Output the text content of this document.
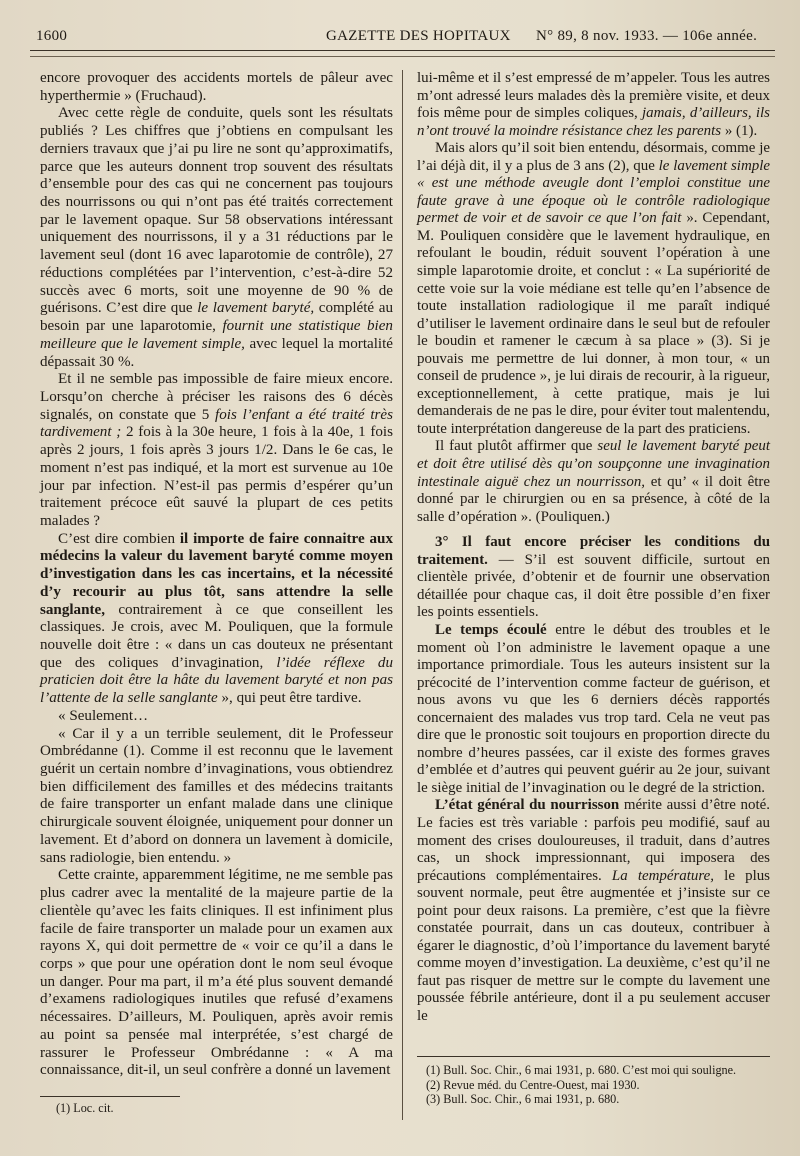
1600	GAZETTE DES HOPITAUX N° 89, 8 nov. 1933. — 106e année.

encore provoquer des accidents mortels de pâleur avec hyperthermie » (Fruchaud).

Avec cette règle de conduite, quels sont les résultats publiés ? Les chiffres que j’obtiens en compulsant les derniers travaux que j’ai pu lire ne sont qu’approximatifs, parce que les auteurs donnent trop souvent des résultats d’ensemble pour des cas qui ne concernent pas toujours des nourrissons ou qui n’ont pas été traités correctement par le lavement opaque. Sur 58 observations intéressant uniquement des nourrissons, il y a 31 réductions par le lavement seul (dont 16 avec laparotomie de contrôle), 27 réductions complétées par l’intervention, c’est-à-dire 52 succès avec 6 morts, soit une moyenne de 90 % de guérisons. C’est dire que le lavement baryté, complété au besoin par une laparotomie, fournit une statistique bien meilleure que le lavement simple, avec lequel la mortalité dépassait 30 %.

Et il ne semble pas impossible de faire mieux encore. Lorsqu’on cherche à préciser les raisons des 6 décès signalés, on constate que 5 fois l’enfant a été traité très tardivement ; 2 fois à la 30e heure, 1 fois à la 40e, 1 fois après 2 jours, 1 fois après 3 jours 1/2. Dans le 6e cas, le moment n’est pas indiqué, et la mort est survenue au 10e jour par infection. N’est-il pas permis d’espérer qu’un traitement précoce eût sauvé la plupart de ces petits malades ?

C’est dire combien il importe de faire connaitre aux médecins la valeur du lavement baryté comme moyen d’investigation dans les cas incertains, et la nécessité d’y recourir au plus tôt, sans attendre la selle sanglante, contrairement à ce que conseillent les classiques. Je crois, avec M. Pouliquen, que la formule nouvelle doit être : « dans un cas douteux ne présentant que des coliques d’invagination, l’idée réflexe du praticien doit être la hâte du lavement baryté et non pas l’attente de la selle sanglante », qui peut être tardive.

« Seulement…

« Car il y a un terrible seulement, dit le Professeur Ombrédanne (1). Comme il est reconnu que le lavement guérit un certain nombre d’invaginations, vous obtiendrez bien difficilement des familles et des médecins traitants de faire transporter un enfant malade dans une clinique chirurgicale souvent éloignée, uniquement pour donner un lavement. Et d’abord on donnera un lavement à domicile, sans radiologie, bien entendu. »

Cette crainte, apparemment légitime, ne me semble pas plus cadrer avec la mentalité de la majeure partie de la clientèle qu’avec les faits cliniques. Il est infiniment plus facile de faire transporter un malade pour un examen aux rayons X, qui doit permettre de « voir ce qu’il a dans le corps » que pour une opération dont le nom seul évoque un danger. Pour ma part, il m’a été plus souvent demandé d’examens radiologiques inutiles que refusé d’examens nécessaires. D’ailleurs, M. Pouliquen, après avoir remis au point sa pensée mal interprétée, s’est chargé de rassurer le Professeur Ombrédanne : « A ma connaissance, dit-il, un seul confrère a donné un lavement

lui-même et il s’est empressé de m’appeler. Tous les autres m’ont adressé leurs malades dès la première visite, et deux fois même pour de simples coliques, jamais, d’ailleurs, ils n’ont trouvé la moindre résistance chez les parents » (1).

Mais alors qu’il soit bien entendu, désormais, comme je l’ai déjà dit, il y a plus de 3 ans (2), que le lavement simple « est une méthode aveugle dont l’emploi constitue une faute grave à une époque où le contrôle radiologique permet de voir et de savoir ce que l’on fait ». Cependant, M. Pouliquen considère que le lavement hydraulique, en refoulant le boudin, réduit souvent l’opération à une simple laparotomie droite, et conclut : « La supériorité de cette voie sur la voie médiane est telle qu’en l’absence de toute installation radiologique il me paraît indiqué d’utiliser le lavement ordinaire dans le seul but de refouler le boudin et ramener le cæcum à sa place » (3). Si je pouvais me permettre de lui donner, à mon tour, « un conseil de prudence », je lui dirais de recourir, à la rigueur, exceptionnellement, à cette pratique, mais je lui demanderais de ne pas le dire, pour éviter tout malentendu, toute interprétation dangereuse de la part des praticiens.

Il faut plutôt affirmer que seul le lavement baryté peut et doit être utilisé dès qu’on soupçonne une invagination intestinale aiguë chez un nourrisson, et qu’ « il doit être donné par le chirurgien ou en sa présence, à côté de la salle d’opération ». (Pouliquen.)

3° Il faut encore préciser les conditions du traitement. — S’il est souvent difficile, surtout en clientèle privée, d’obtenir et de fournir une observation détaillée pour chaque cas, il doit être possible d’en fixer les points essentiels.

Le temps écoulé entre le début des troubles et le moment où l’on administre le lavement opaque a une importance primordiale. Tous les auteurs insistent sur la précocité de l’intervention comme facteur de guérison, et nous avons vu que les 6 derniers décès rapportés concernaient des malades vus trop tard. Cela ne veut pas dire que le pronostic soit toujours en proportion directe du nombre d’heures passées, car il existe des formes graves d’emblée et d’autres qui peuvent guérir au 2e jour, suivant le siège initial de l’invagination ou le degré de la striction.

L’état général du nourrisson mérite aussi d’être noté. Le facies est très variable : parfois peu modifié, sauf au moment des crises douloureuses, il traduit, dans d’autres cas, un shock impressionnant, qui imposera des précautions complémentaires. La température, le plus souvent normale, peut être augmentée et j’insiste sur ce point pour deux raisons. La première, c’est que la fièvre constatée pourrait, dans un cas douteux, contribuer à égarer le diagnostic, d’où l’importance du lavement baryté comme moyen d’investigation. La deuxième, c’est qu’il ne faut pas risquer de mettre sur le compte du lavement une poussée fébrile antérieure, dont il a pu seulement accuser le

(1) Loc. cit.

(1) Bull. Soc. Chir., 6 mai 1931, p. 680. C’est moi qui souligne.

(2) Revue méd. du Centre-Ouest, mai 1930.

(3) Bull. Soc. Chir., 6 mai 1931, p. 680.
